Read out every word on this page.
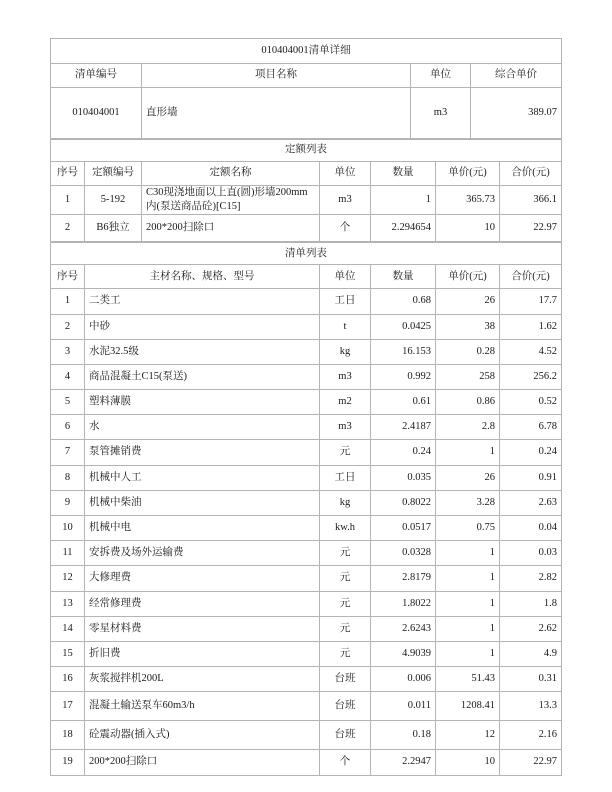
010404001清单详细			
清单编号	项目名称	单位	综合单价
010404001	直形墙	m3	389.07
定额列表						
序号	定额编号	定额名称	单位	数量	单价(元)	合价(元)
1	5-192	C30现浇地面以上直(圆)形墙200mm内(泵送商品砼)[C15]	m3	1	365.73	366.1
2	B6独立	200*200扫除口	个	2.294654	10	22.97
清单列表					
序号	主材名称、规格、型号	单位	数量	单价(元)	合价(元)
1	二类工	工日	0.68	26	17.7
2	中砂	t	0.0425	38	1.62
3	水泥32.5级	kg	16.153	0.28	4.52
4	商品混凝土C15(泵送)	m3	0.992	258	256.2
5	塑料薄膜	m2	0.61	0.86	0.52
6	水	m3	2.4187	2.8	6.78
7	泵管摊销费	元	0.24	1	0.24
8	机械中人工	工日	0.035	26	0.91
9	机械中柴油	kg	0.8022	3.28	2.63
10	机械中电	kw.h	0.0517	0.75	0.04
11	安拆费及场外运输费	元	0.0328	1	0.03
12	大修理费	元	2.8179	1	2.82
13	经常修理费	元	1.8022	1	1.8
14	零星材料费	元	2.6243	1	2.62
15	折旧费	元	4.9039	1	4.9
16	灰浆搅拌机200L	台班	0.006	51.43	0.31
17	混凝土输送泵车60m3/h	台班	0.011	1208.41	13.3
18	砼震动器(插入式)	台班	0.18	12	2.16
19	200*200扫除口	个	2.2947	10	22.97
